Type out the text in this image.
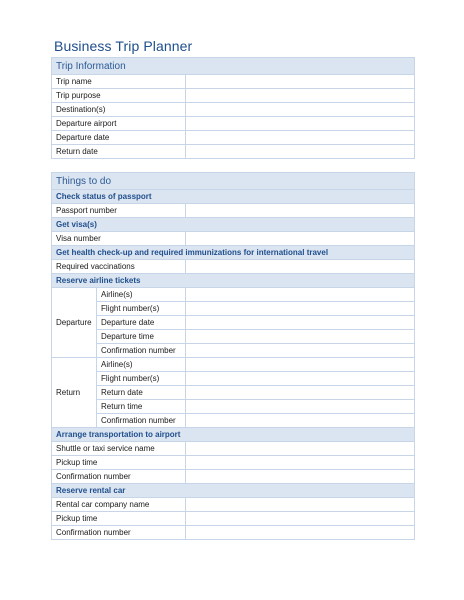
Business Trip Planner
Trip Information	
Trip name	
Trip purpose	
Destination(s)	
Departure airport	
Departure date	
Return date	
Things to do		
Check status of passport		
Passport number		
Get visa(s)		
Visa number		
Get health check-up and required immunizations for international travel		
Required vaccinations		
Reserve airline tickets		
Departure	Airline(s)	
	Flight number(s)	
	Departure date	
	Departure time	
	Confirmation number	
Return	Airline(s)	
	Flight number(s)	
	Return date	
	Return time	
	Confirmation number	
Arrange transportation to airport		
Shuttle or taxi service name		
Pickup time		
Confirmation number		
Reserve rental car		
Rental car company name		
Pickup time		
Confirmation number		
